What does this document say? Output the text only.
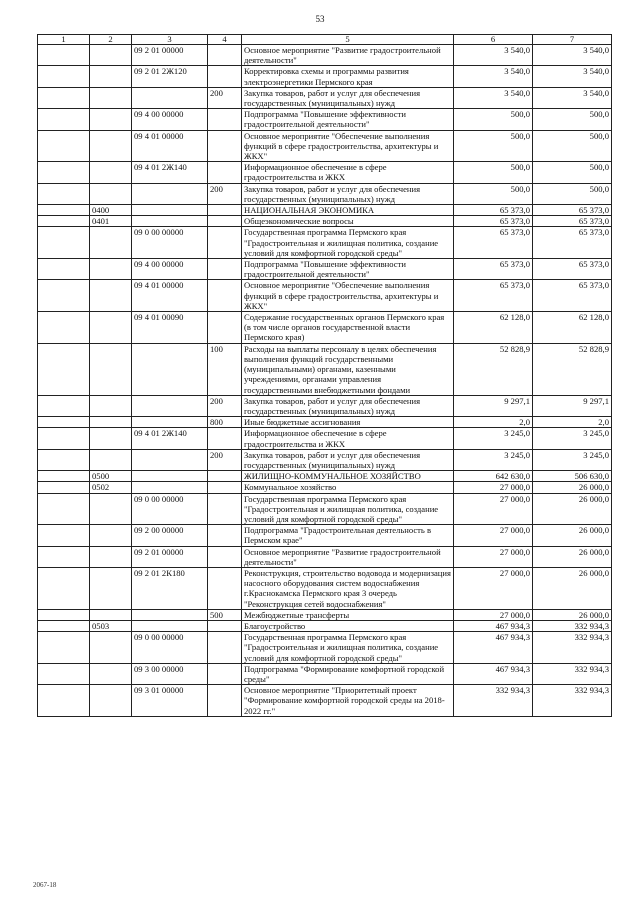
53
1	2	3	4	5	6	7
		09 2 01 00000		Основное мероприятие "Развитие градостроительной деятельности"	3 540,0	3 540,0
		09 2 01 2Ж120		Корректировка схемы и программы развития электроэнергетики Пермского края	3 540,0	3 540,0
			200	Закупка товаров, работ и услуг для обеспечения государственных (муниципальных) нужд	3 540,0	3 540,0
		09 4 00 00000		Подпрограмма "Повышение эффективности градостроительной деятельности"	500,0	500,0
		09 4 01 00000		Основное мероприятие "Обеспечение выполнения функций в сфере градостроительства, архитектуры и ЖКХ"	500,0	500,0
		09 4 01 2Ж140		Информационное обеспечение в сфере градостроительства и ЖКХ	500,0	500,0
			200	Закупка товаров, работ и услуг для обеспечения государственных (муниципальных) нужд	500,0	500,0
	0400			НАЦИОНАЛЬНАЯ ЭКОНОМИКА	65 373,0	65 373,0
	0401			Общеэкономические вопросы	65 373,0	65 373,0
		09 0 00 00000		Государственная программа Пермского края "Градостроительная и жилищная политика, создание условий для комфортной городской среды"	65 373,0	65 373,0
		09 4 00 00000		Подпрограмма "Повышение эффективности градостроительной деятельности"	65 373,0	65 373,0
		09 4 01 00000		Основное мероприятие "Обеспечение выполнения функций в сфере градостроительства, архитектуры и ЖКХ"	65 373,0	65 373,0
		09 4 01 00090		Содержание государственных органов Пермского края (в том числе органов государственной власти Пермского края)	62 128,0	62 128,0
			100	Расходы на выплаты персоналу в целях обеспечения выполнения функций государственными (муниципальными) органами, казенными учреждениями, органами управления государственными внебюджетными фондами	52 828,9	52 828,9
			200	Закупка товаров, работ и услуг для обеспечения государственных (муниципальных) нужд	9 297,1	9 297,1
			800	Иные бюджетные ассигнования	2,0	2,0
		09 4 01 2Ж140		Информационное обеспечение в сфере градостроительства и ЖКХ	3 245,0	3 245,0
			200	Закупка товаров, работ и услуг для обеспечения государственных (муниципальных) нужд	3 245,0	3 245,0
	0500			ЖИЛИЩНО-КОММУНАЛЬНОЕ ХОЗЯЙСТВО	642 630,0	506 630,0
	0502			Коммунальное хозяйство	27 000,0	26 000,0
		09 0 00 00000		Государственная программа Пермского края "Градостроительная и жилищная политика, создание условий для комфортной городской среды"	27 000,0	26 000,0
		09 2 00 00000		Подпрограмма "Градостроительная деятельность в Пермском крае"	27 000,0	26 000,0
		09 2 01 00000		Основное мероприятие "Развитие градостроительной деятельности"	27 000,0	26 000,0
		09 2 01 2К180		Реконструкция, строительство водовода и модернизация насосного оборудования систем водоснабжения г.Краснокамска Пермского края 3 очередь "Реконструкция сетей водоснабжения"	27 000,0	26 000,0
			500	Межбюджетные трансферты	27 000,0	26 000,0
	0503			Благоустройство	467 934,3	332 934,3
		09 0 00 00000		Государственная программа Пермского края "Градостроительная и жилищная политика, создание условий для комфортной городской среды"	467 934,3	332 934,3
		09 3 00 00000		Подпрограмма "Формирование комфортной городской среды"	467 934,3	332 934,3
		09 3 01 00000		Основное мероприятие "Приоритетный проект "Формирование комфортной городской среды на 2018-2022 гг."	332 934,3	332 934,3
2067-18
